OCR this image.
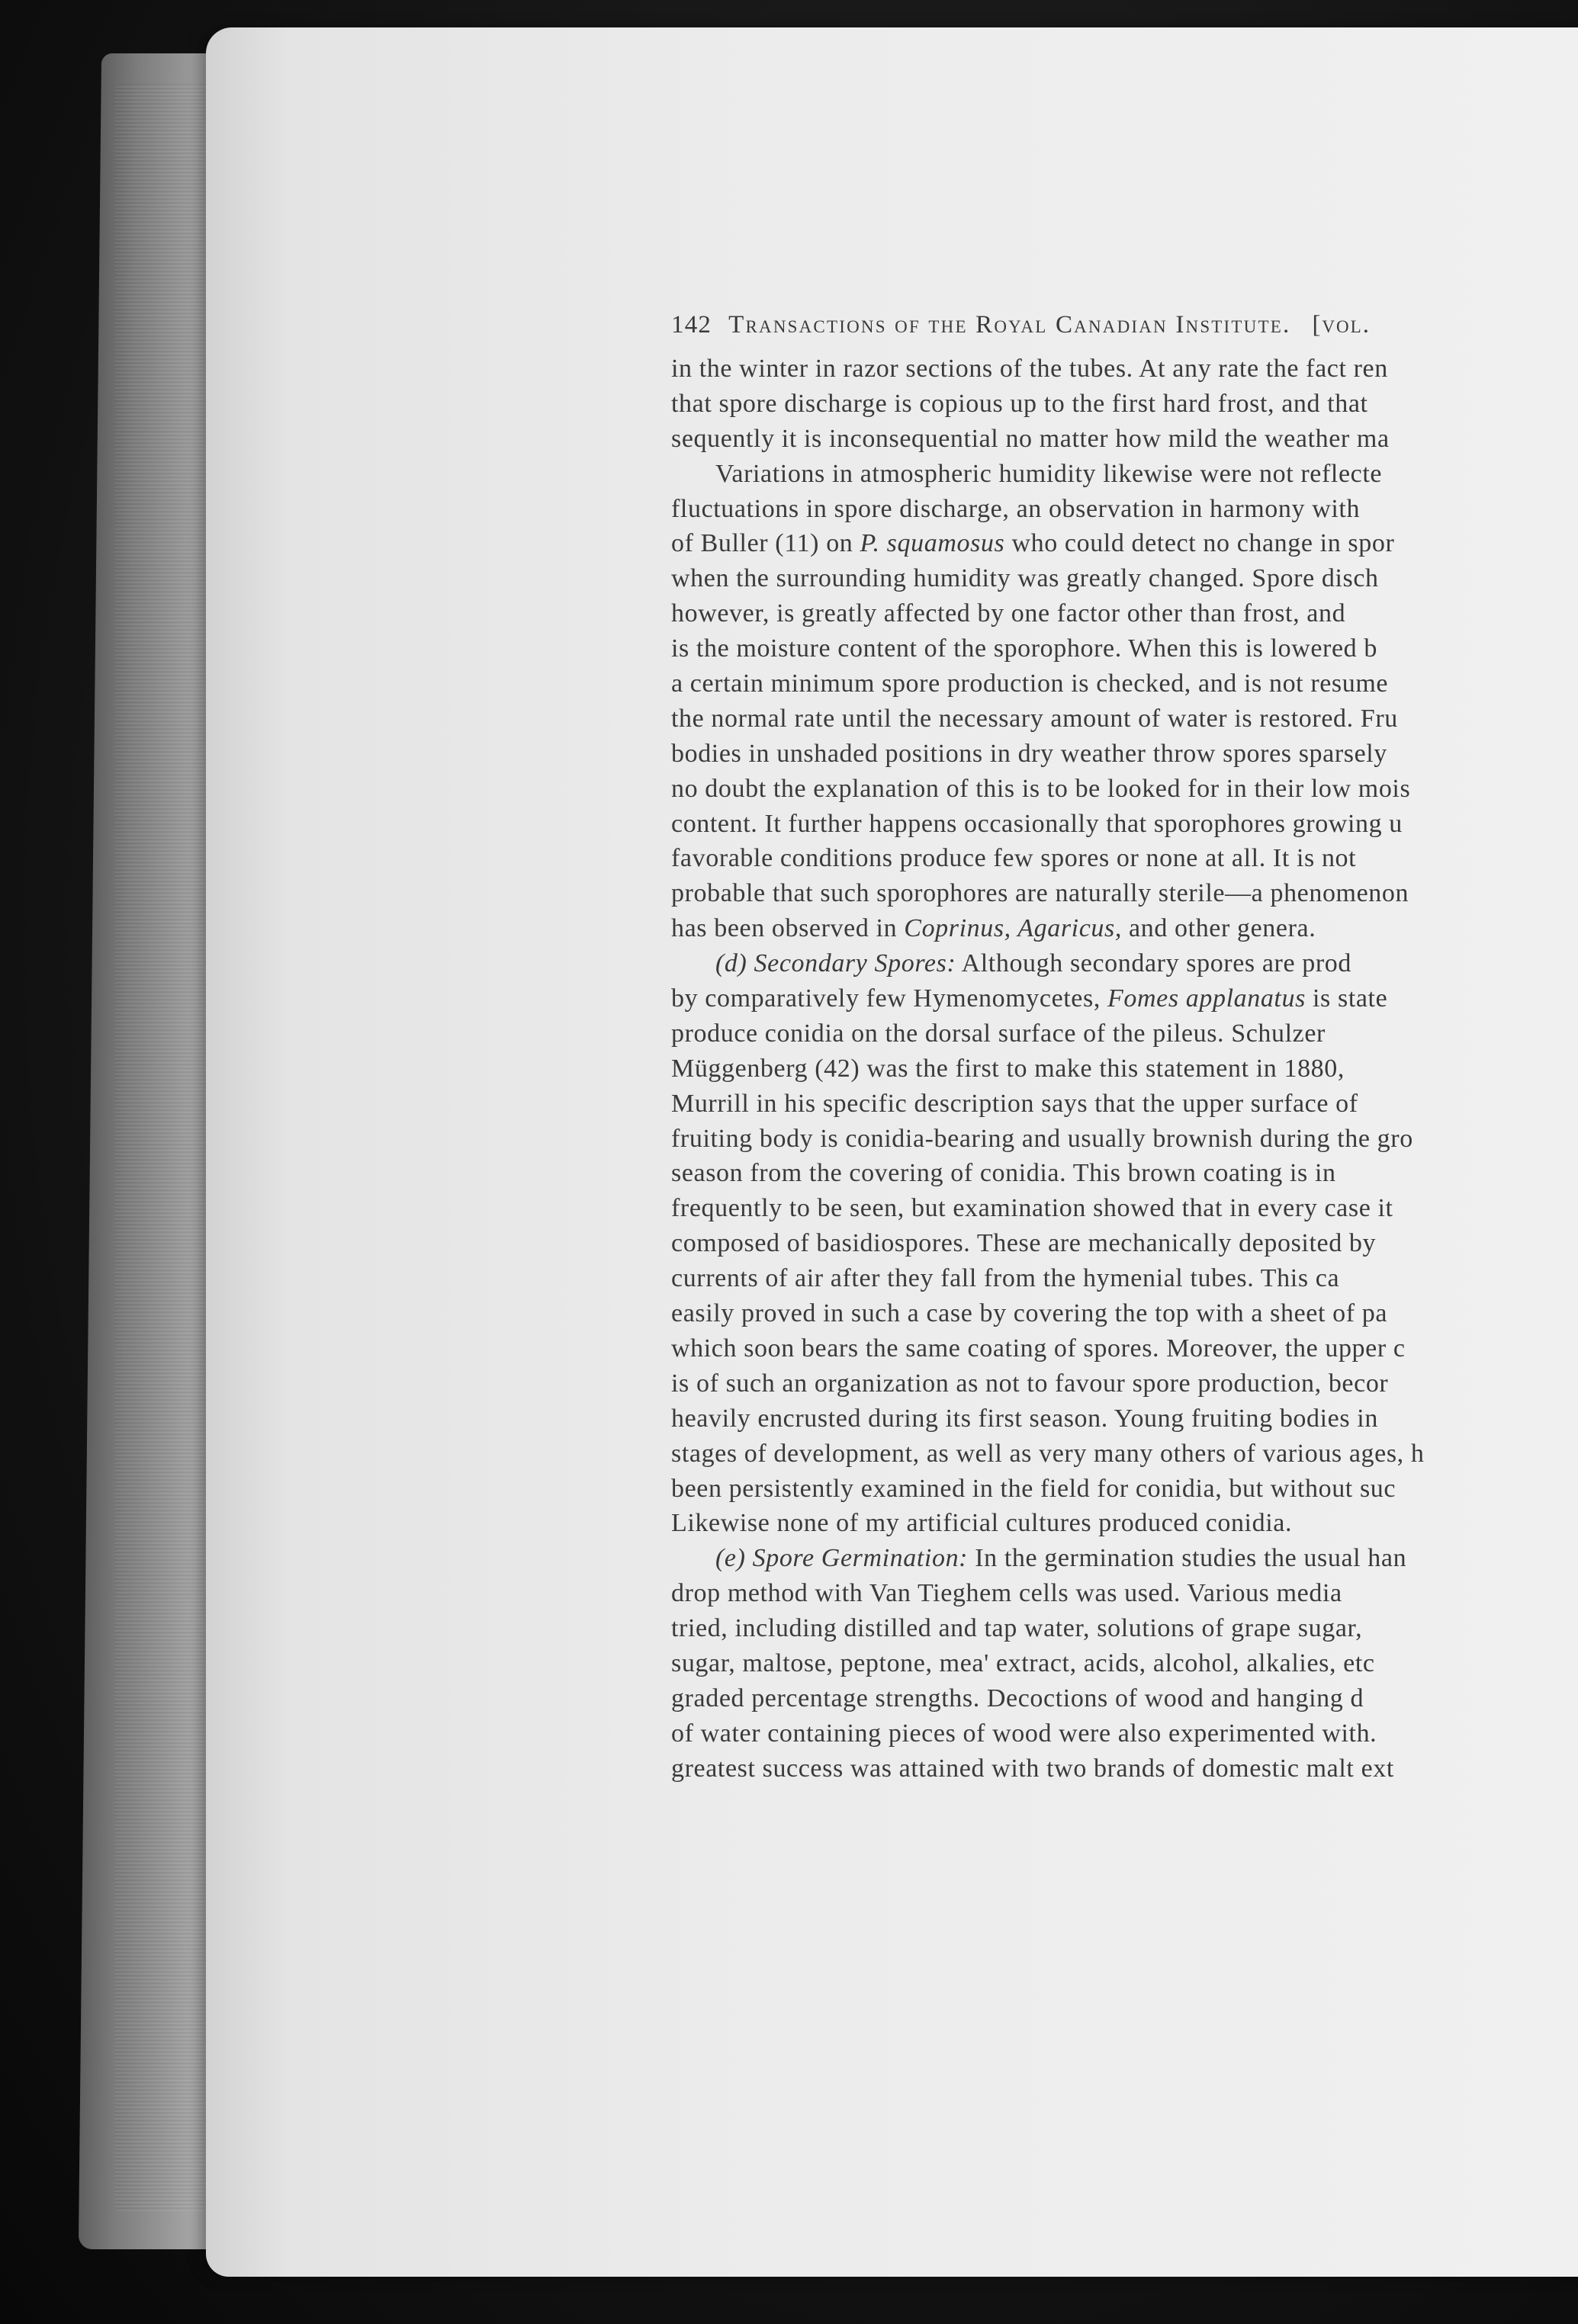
142 Transactions of the Royal Canadian Institute. [vol.
in the winter in razor sections of the tubes. At any rate the fact ren
that spore discharge is copious up to the first hard frost, and that
sequently it is inconsequential no matter how mild the weather ma
Variations in atmospheric humidity likewise were not reflecte
fluctuations in spore discharge, an observation in harmony with
of Buller (11) on P. squamosus who could detect no change in spor
when the surrounding humidity was greatly changed. Spore disch
however, is greatly affected by one factor other than frost, and
is the moisture content of the sporophore. When this is lowered b
a certain minimum spore production is checked, and is not resume
the normal rate until the necessary amount of water is restored. Fru
bodies in unshaded positions in dry weather throw spores sparsely
no doubt the explanation of this is to be looked for in their low mois
content. It further happens occasionally that sporophores growing u
favorable conditions produce few spores or none at all. It is not
probable that such sporophores are naturally sterile—a phenomenon
has been observed in Coprinus, Agaricus, and other genera.
(d) Secondary Spores: Although secondary spores are prod
by comparatively few Hymenomycetes, Fomes applanatus is state
produce conidia on the dorsal surface of the pileus. Schulzer
Müggenberg (42) was the first to make this statement in 1880,
Murrill in his specific description says that the upper surface of
fruiting body is conidia-bearing and usually brownish during the gro
season from the covering of conidia. This brown coating is in
frequently to be seen, but examination showed that in every case it
composed of basidiospores. These are mechanically deposited by
currents of air after they fall from the hymenial tubes. This ca
easily proved in such a case by covering the top with a sheet of pa
which soon bears the same coating of spores. Moreover, the upper c
is of such an organization as not to favour spore production, becor
heavily encrusted during its first season. Young fruiting bodies in
stages of development, as well as very many others of various ages, h
been persistently examined in the field for conidia, but without suc
Likewise none of my artificial cultures produced conidia.
(e) Spore Germination: In the germination studies the usual han
drop method with Van Tieghem cells was used. Various media
tried, including distilled and tap water, solutions of grape sugar,
sugar, maltose, peptone, mea' extract, acids, alcohol, alkalies, etc
graded percentage strengths. Decoctions of wood and hanging d
of water containing pieces of wood were also experimented with.
greatest success was attained with two brands of domestic malt ext
